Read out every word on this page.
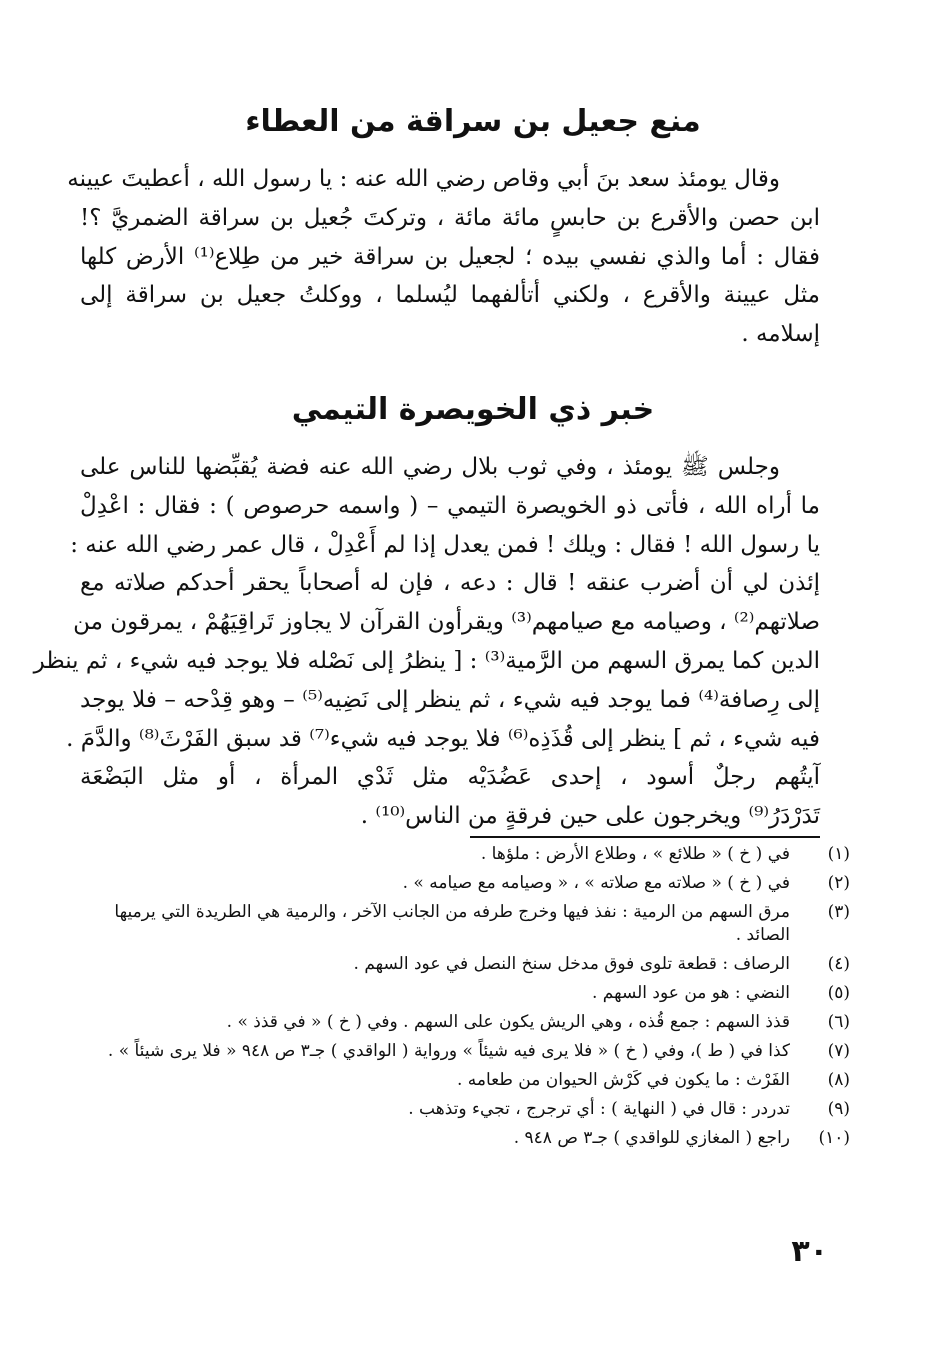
منع جعيل بن سراقة من العطاء
وقال يومئذ سعد بنَ أبي وقاص رضي الله عنه : يا رسول الله ، أعطيتَ عيينه
ابن حصن والأقرع بن حابسٍ مائة مائة ، وتركتَ جُعيل بن سراقة الضمريَّ ؟!
فقال : أما والذي نفسي بيده ؛ لجعيل بن سراقة خير من طِلاع⁽¹⁾ الأرض كلها
مثل عيينة والأقرع ، ولكني أتألفهما ليُسلما ، ووكلتُ جعيل بن سراقة إلى
إسلامه .
خبر ذي الخويصرة التيمي
وجلس ﷺ يومئذ ، وفي ثوب بلال رضي الله عنه فضة يُقبِّضها للناس على
ما أراه الله ، فأتى ذو الخويصرة التيمي – ( واسمه حرصوص ) : فقال : اعْدِلْ
يا رسول الله ! فقال : ويلك ! فمن يعدل إذا لم أَعْدِلْ ، قال عمر رضي الله عنه :
إئذن لي أن أضرب عنقه ! قال : دعه ، فإن له أصحاباً يحقر أحدكم صلاته مع
صلاتهم⁽²⁾ ، وصيامه مع صيامهم⁽³⁾ ويقرأون القرآن لا يجاوز تَراقِيَهُمْ ، يمرقون من
الدين كما يمرق السهم من الرَّمية⁽³⁾ : [ ينظرُ إلى نَصْله فلا يوجد فيه شيء ، ثم ينظر
إلى رِصافة⁽⁴⁾ فما يوجد فيه شيء ، ثم ينظر إلى نَضِيه⁽⁵⁾ – وهو قِدْحه – فلا يوجد
فيه شيء ، ثم ] ينظر إلى قُذَذِه⁽⁶⁾ فلا يوجد فيه شيء⁽⁷⁾ قد سبق الفَرْثَ⁽⁸⁾ والدَّمَ .
آيتُهم رجلٌ أسود ، إحدى عَضُدَيْه مثل ثَدْي المرأة ، أو مثل البَضْعَة
تَدَرْدَرُ⁽⁹⁾ ويخرجون على حين فرقةٍ من الناس⁽¹⁰⁾ .
(١)
في ( خ ) « طلائع » ، وطلاع الأرض : ملؤها .
(٢)
في ( خ ) « صلاته مع صلاته » ، « وصيامه مع صيامه » .
(٣)
مرق السهم من الرمية : نفذ فيها وخرج طرفه من الجانب الآخر ، والرمية هي الطريدة التي يرميها الصائد .
(٤)
الرصاف : قطعة تلوى فوق مدخل سنخ النصل في عود السهم .
(٥)
النضي : هو من عود السهم .
(٦)
قذذ السهم : جمع قُذه ، وهي الريش يكون على السهم . وفي ( خ ) « في قذذ » .
(٧)
كذا في ( ط )، وفي ( خ ) « فلا يرى فيه شيئاً » ورواية ( الواقدي ) جـ٣ ص ٩٤٨ « فلا يرى شيئاً » .
(٨)
الفَرْث : ما يكون في كَرْش الحيوان من طعامه .
(٩)
تدردر : قال في ( النهاية ) : أي ترجرج ، تجيء وتذهب .
(١٠)
راجع ( المغازي للواقدي ) جـ٣ ص ٩٤٨ .
٣٠
